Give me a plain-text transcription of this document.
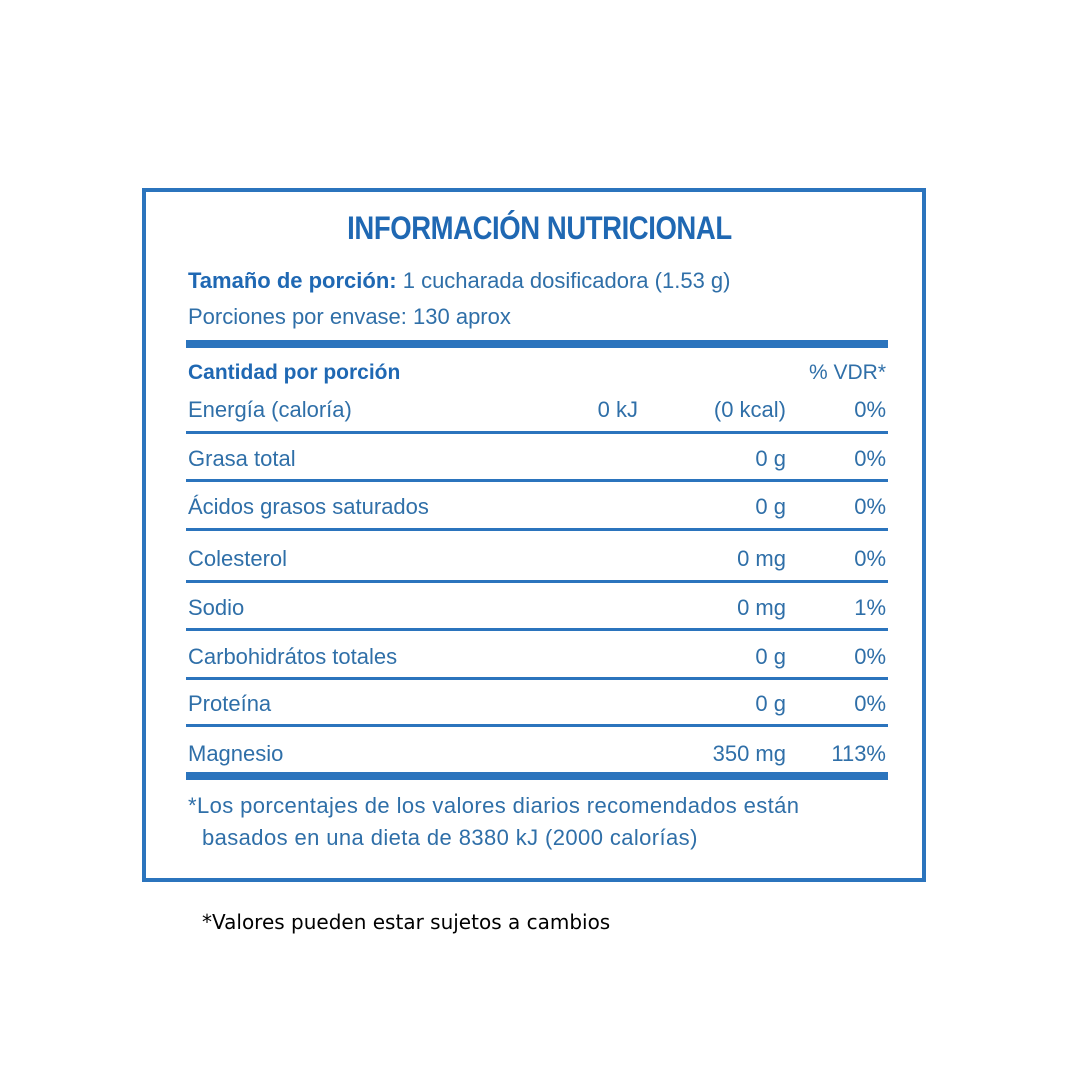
INFORMACIÓN NUTRICIONAL
Tamaño de porción: 1 cucharada dosificadora (1.53 g)
Porciones por envase: 130 aprox
Cantidad por porción	% VDR*
Energía (caloría)	0 kJ	(0 kcal)	0%
Grasa total	0 g	0%
Ácidos grasos saturados	0 g	0%
Colesterol	0 mg	0%
Sodio	0 mg	1%
Carbohidrátos totales	0 g	0%
Proteína	0 g	0%
Magnesio	350 mg 113%
*Los porcentajes de los valores diarios recomendados están
basados en una dieta de 8380 kJ (2000 calorías)
*Valores pueden estar sujetos a cambios
